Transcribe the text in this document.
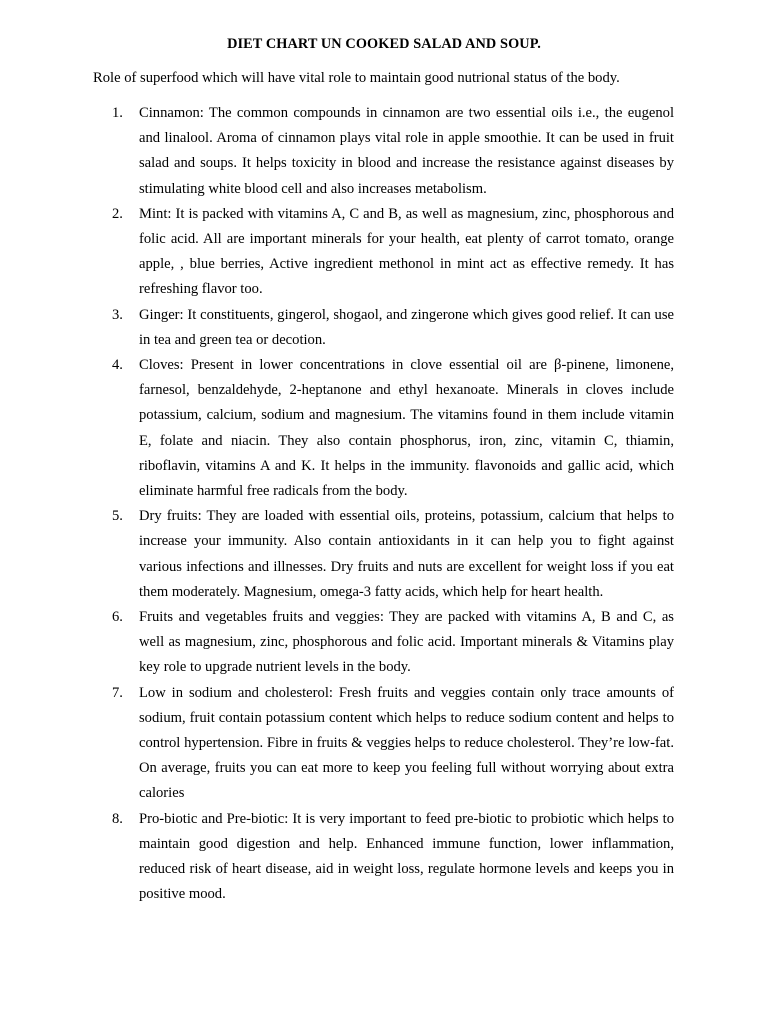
DIET CHART UN COOKED SALAD AND SOUP.
Role of superfood which will have vital role to maintain good nutrional status of the body.
1.	Cinnamon: The common compounds in cinnamon are two essential oils i.e., the eugenol and linalool. Aroma of cinnamon plays vital role in apple smoothie. It can be used in fruit salad and soups. It helps toxicity in blood and increase the resistance against diseases by stimulating white blood cell and also increases metabolism.
2.	Mint: It is packed with vitamins A, C and B, as well as magnesium, zinc, phosphorous and folic acid. All are important minerals for your health, eat plenty of carrot tomato, orange apple, , blue berries, Active ingredient methonol in mint act as effective remedy. It has refreshing flavor too.
3.	Ginger: It constituents, gingerol, shogaol, and zingerone which gives good relief. It can use in tea and green tea or decotion.
4.	Cloves: Present in lower concentrations in clove essential oil are β-pinene, limonene, farnesol, benzaldehyde, 2-heptanone and ethyl hexanoate. Minerals in cloves include potassium, calcium, sodium and magnesium. The vitamins found in them include vitamin E, folate and niacin. They also contain phosphorus, iron, zinc, vitamin C, thiamin, riboflavin, vitamins A and K. It helps in the immunity. flavonoids and gallic acid, which eliminate harmful free radicals from the body.
5.	Dry fruits: They are loaded with essential oils, proteins, potassium, calcium that helps to increase your immunity. Also contain antioxidants in it can help you to fight against various infections and illnesses. Dry fruits and nuts are excellent for weight loss if you eat them moderately. Magnesium, omega-3 fatty acids, which help for heart health.
6.	Fruits and vegetables fruits and veggies: They are packed with vitamins A, B and C, as well as magnesium, zinc, phosphorous and folic acid. Important minerals & Vitamins play key role to upgrade nutrient levels in the body.
7.	Low in sodium and cholesterol: Fresh fruits and veggies contain only trace amounts of sodium, fruit contain potassium content which helps to reduce sodium content and helps to control hypertension. Fibre in fruits & veggies helps to reduce cholesterol. They’re low-fat. On average, fruits you can eat more to keep you feeling full without worrying about extra calories
8.	Pro-biotic and Pre-biotic: It is very important to feed pre-biotic to probiotic which helps to maintain good digestion and help. Enhanced immune function, lower inflammation, reduced risk of heart disease, aid in weight loss, regulate hormone levels and keeps you in positive mood.
